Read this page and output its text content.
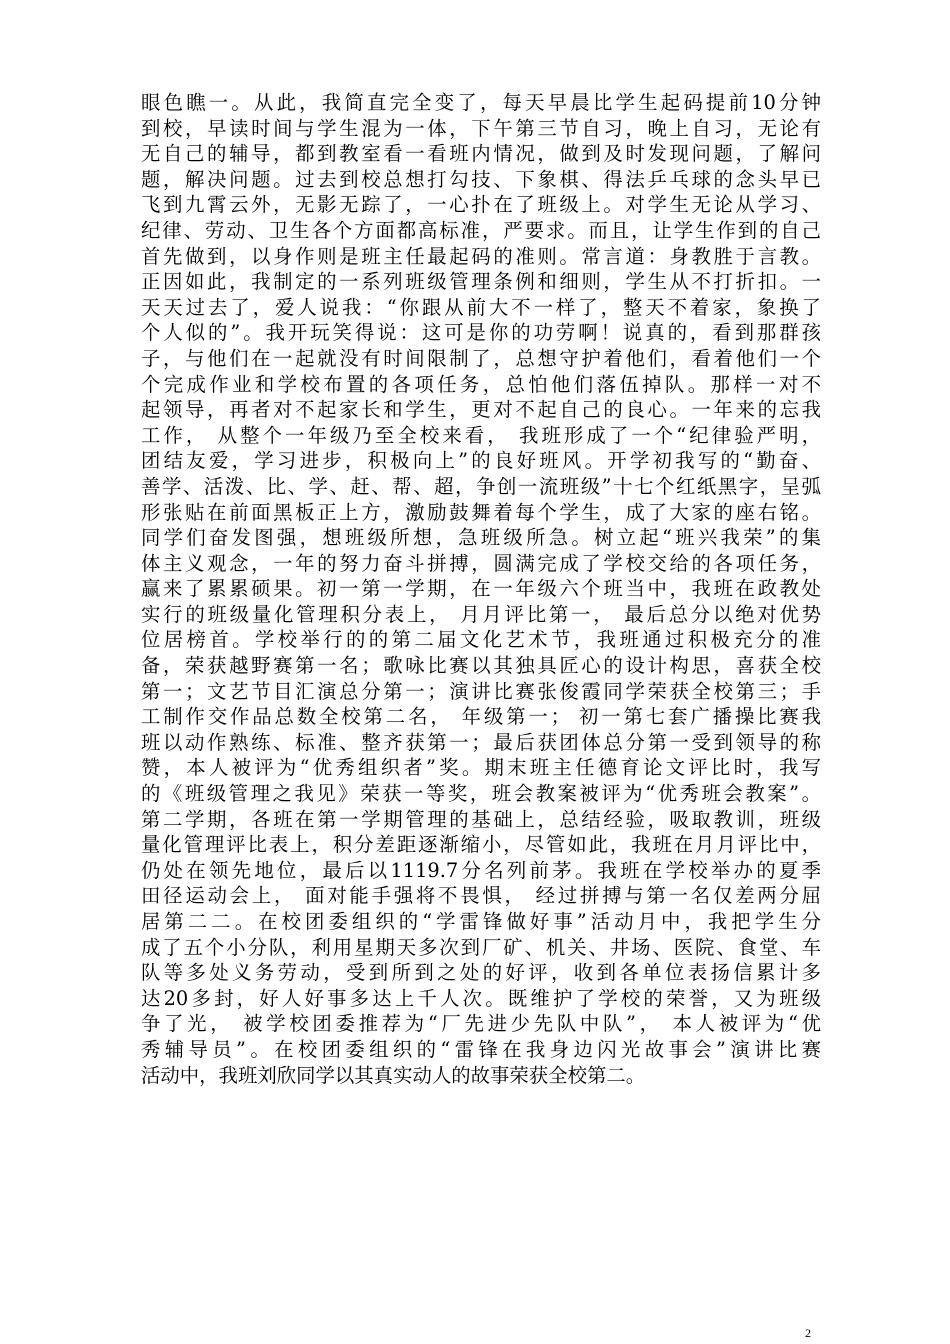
眼色瞧一。从此，我简直完全变了，每天早晨比学生起码提前10分钟
到校，早读时间与学生混为一体，下午第三节自习，晚上自习，无论有
无自己的辅导，都到教室看一看班内情况，做到及时发现问题，了解问
题，解决问题。过去到校总想打勾技、下象棋、得法乒乓球的念头早已
飞到九霄云外，无影无踪了，一心扑在了班级上。对学生无论从学习、
纪律、劳动、卫生各个方面都高标准，严要求。而且，让学生作到的自己
首先做到，以身作则是班主任最起码的准则。常言道：身教胜于言教。
正因如此，我制定的一系列班级管理条例和细则，学生从不打折扣。一
天天过去了，爱人说我：“你跟从前大不一样了，整天不着家，象换了
个人似的”。我开玩笑得说：这可是你的功劳啊！说真的，看到那群孩
子，与他们在一起就没有时间限制了，总想守护着他们，看着他们一个
个完成作业和学校布置的各项任务，总怕他们落伍掉队。那样一对不
起领导，再者对不起家长和学生，更对不起自己的良心。一年来的忘我
工作， 从整个一年级乃至全校来看， 我班形成了一个“纪律验严明，
团结友爱，学习进步，积极向上”的良好班风。开学初我写的“勤奋、
善学、活泼、比、学、赶、帮、超，争创一流班级”十七个红纸黑字，呈弧
形张贴在前面黑板正上方，激励鼓舞着每个学生，成了大家的座右铭。
同学们奋发图强，想班级所想，急班级所急。树立起“班兴我荣”的集
体主义观念，一年的努力奋斗拼搏，圆满完成了学校交给的各项任务，
赢来了累累硕果。初一第一学期，在一年级六个班当中，我班在政教处
实行的班级量化管理积分表上， 月月评比第一， 最后总分以绝对优势
位居榜首。学校举行的的第二届文化艺术节，我班通过积极充分的准
备，荣获越野赛第一名；歌咏比赛以其独具匠心的设计构思，喜获全校
第一；文艺节目汇演总分第一；演讲比赛张俊霞同学荣获全校第三；手
工制作交作品总数全校第二名， 年级第一； 初一第七套广播操比赛我
班以动作熟练、标准、整齐获第一；最后获团体总分第一受到领导的称
赞，本人被评为“优秀组织者”奖。期末班主任德育论文评比时，我写
的《班级管理之我见》荣获一等奖，班会教案被评为“优秀班会教案”。
第二学期，各班在第一学期管理的基础上，总结经验，吸取教训，班级
量化管理评比表上，积分差距逐渐缩小，尽管如此，我班在月月评比中，
仍处在领先地位，最后以1119.7分名列前茅。我班在学校举办的夏季
田径运动会上， 面对能手强将不畏惧， 经过拼搏与第一名仅差两分屈
居第二二。在校团委组织的“学雷锋做好事”活动月中，我把学生分
成了五个小分队，利用星期天多次到厂矿、机关、井场、医院、食堂、车
队等多处义务劳动，受到所到之处的好评，收到各单位表扬信累计多
达20多封，好人好事多达上千人次。既维护了学校的荣誉，又为班级
争了光， 被学校团委推荐为“厂先进少先队中队”， 本人被评为“优
秀辅导员”。在校团委组织的“雷锋在我身边闪光故事会”演讲比赛
活动中，我班刘欣同学以其真实动人的故事荣获全校第二。
2
